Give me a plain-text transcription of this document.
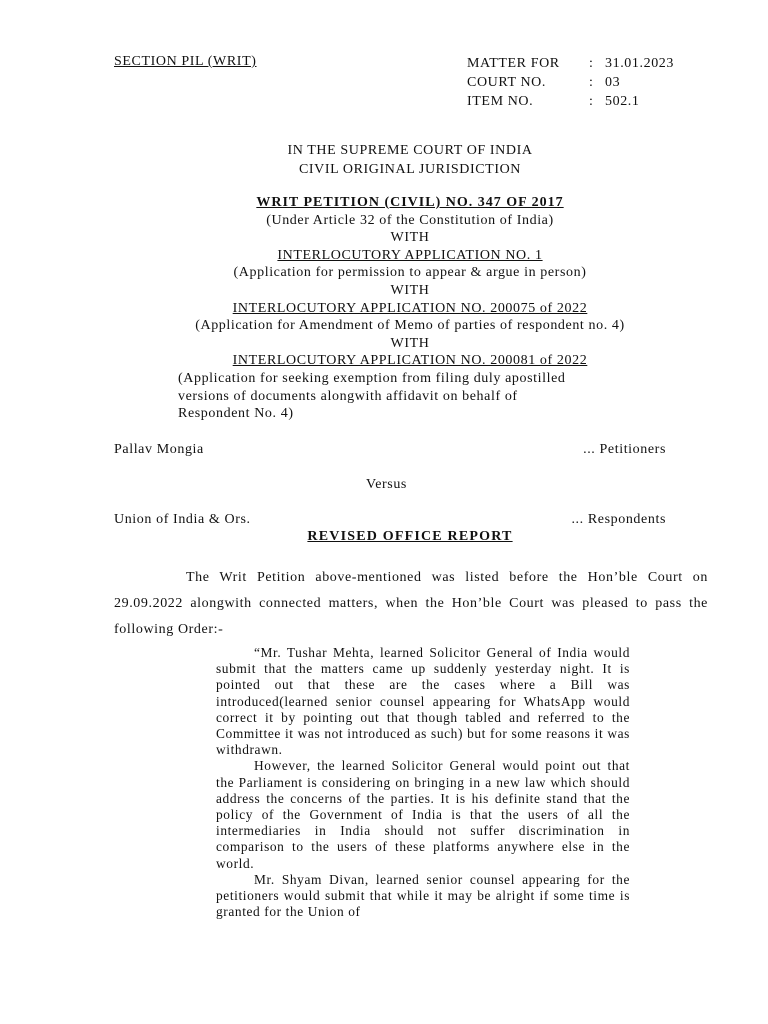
SECTION PIL (WRIT)	MATTER FOR	: 31.01.2023
COURT NO.	: 03
ITEM NO.	: 502.1
IN THE SUPREME COURT OF INDIA
CIVIL ORIGINAL JURISDICTION
WRIT PETITION (CIVIL) NO. 347 OF 2017
(Under Article 32 of the Constitution of India)
WITH
INTERLOCUTORY APPLICATION NO. 1
(Application for permission to appear & argue in person)
WITH
INTERLOCUTORY APPLICATION NO. 200075 of 2022
(Application for Amendment of Memo of parties of respondent no. 4)
WITH
INTERLOCUTORY APPLICATION NO. 200081 of 2022
(Application for seeking exemption from filing duly apostilled
versions of documents alongwith affidavit on behalf of
Respondent No. 4)
Pallav Mongia	... Petitioners
Versus
Union of India & Ors.	... Respondents
REVISED OFFICE REPORT
The Writ Petition above-mentioned was listed before the Hon’ble Court on 29.09.2022 alongwith connected matters, when the Hon’ble Court was pleased to pass the following Order:-

“Mr. Tushar Mehta, learned Solicitor General of India would submit that the matters came up suddenly yesterday night. It is pointed out that these are the cases where a Bill was introduced(learned senior counsel appearing for WhatsApp would correct it by pointing out that though tabled and referred to the Committee it was not introduced as such) but for some reasons it was withdrawn.

However, the learned Solicitor General would point out that the Parliament is considering on bringing in a new law which should address the concerns of the parties. It is his definite stand that the policy of the Government of India is that the users of all the intermediaries in India should not suffer discrimination in comparison to the users of these platforms anywhere else in the world.

Mr. Shyam Divan, learned senior counsel appearing for the petitioners would submit that while it may be alright if some time is granted for the Union of
